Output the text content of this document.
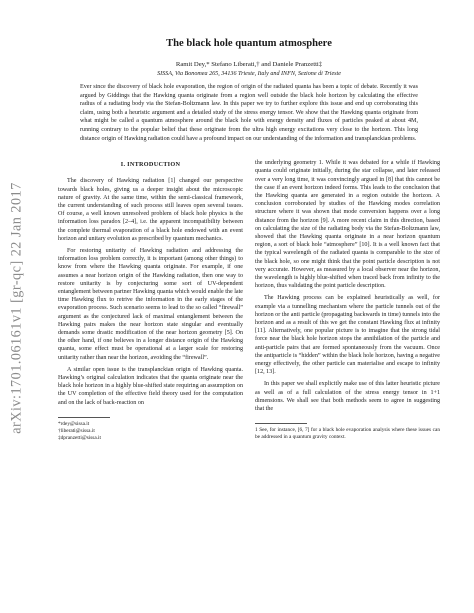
arXiv:1701.06161v1 [gr-qc] 22 Jan 2017
The black hole quantum atmosphere
Ramit Dey,* Stefano Liberati,† and Daniele Pranzetti‡
SISSA, Via Bonomea 265, 34136 Trieste, Italy and INFN, Sezione di Trieste
Ever since the discovery of black hole evaporation, the region of origin of the radiated quanta has been a topic of debate. Recently it was argued by Giddings that the Hawking quanta originate from a region well outside the black hole horizon by calculating the effective radius of a radiating body via the Stefan-Boltzmann law. In this paper we try to further explore this issue and end up corroborating this claim, using both a heuristic argument and a detailed study of the stress energy tensor. We show that the Hawking quanta originate from what might be called a quantum atmosphere around the black hole with energy density and fluxes of particles peaked at about 4M, running contrary to the popular belief that these originate from the ultra high energy excitations very close to the horizon. This long distance origin of Hawking radiation could have a profound impact on our understanding of the information and transplanckian problems.
I. INTRODUCTION

The discovery of Hawking radiation [1] changed our perspective towards black holes, giving us a deeper insight about the microscopic nature of gravity. At the same time, within the semi-classical framework, the current understanding of such process still leaves open several issues. Of course, a well known unresolved problem of black hole physics is the information loss paradox [2–4], i.e. the apparent incompatibility between the complete thermal evaporation of a black hole endowed with an event horizon and unitary evolution as prescribed by quantum mechanics.

For restoring unitarity of Hawking radiation and addressing the information loss problem correctly, it is important (among other things) to know from where the Hawking quanta originate. For example, if one assumes a near horizon origin of the Hawking radiation, then one way to restore unitarity is by conjecturing some sort of UV-dependent entanglement between partner Hawking quanta which would enable the late time Hawking flux to retrive the information in the early stages of the evaporation process. Such scenario seems to lead to the so called “firewall” argument as the conjectured lack of maximal entanglement between the Hawking pairs makes the near horizon state singular and eventually demands some drastic modification of the near horizon geometry [5]. On the other hand, if one believes in a longer distance origin of the Hawking quanta, some effect must be operational at a larger scale for restoring unitarity rather than near the horizon, avoiding the “firewall”.

A similar open issue is the transplanckian origin of Hawking quanta. Hawking’s original calculation indicates that the quanta originate near the black hole horizon in a highly blue-shifted state requiring an assumption on the UV completion of the effective field theory used for the computation and on the lack of back-reaction on

*rdey@sissa.it
†liberati@sissa.it
‡dpranzetti@sissa.it

the underlying geometry 1. While it was debated for a while if Hawking quanta could originate initially, during the star collapse, and later released over a very long time, it was convincingly argued in [8] that this cannot be the case if an event horizon indeed forms. This leads to the conclusion that the Hawking quanta are generated in a region outside the horizon. A conclusion corroborated by studies of the Hawking modes correlation structure where it was shown that mode conversion happens over a long distance from the horizon [9]. A more recent claim in this direction, based on calculating the size of the radiating body via the Stefan-Boltzmann law, showed that the Hawking quanta originate in a near horizon quantum region, a sort of black hole “atmosphere” [10]. It is a well known fact that the typical wavelength of the radiated quanta is comparable to the size of the black hole, so one might think that the point particle description is not very accurate. However, as measured by a local observer near the horizon, the wavelength is highly blue-shifted when traced back from infinity to the horizon, thus validating the point particle description.

The Hawking process can be explained heuristically as well, for example via a tunnelling mechanism where the particle tunnels out of the horizon or the anti particle (propagating backwards in time) tunnels into the horizon and as a result of this we get the constant Hawking flux at infinity [11]. Alternatively, one popular picture is to imagine that the strong tidal force near the black hole horizon stops the annihilation of the particle and anti-particle pairs that are formed spontaneously from the vacuum. Once the antiparticle is “hidden” within the black hole horizon, having a negative energy effectively, the other particle can materialise and escape to infinity [12, 13].

In this paper we shall explicitly make use of this latter heuristic picture as well as of a full calculation of the stress energy tensor in 1+1 dimensions. We shall see that both methods seem to agree in suggesting that the

1 See, for instance, [6, 7] for a black hole evaporation analysis where these issues can be addressed in a quantum gravity context.
